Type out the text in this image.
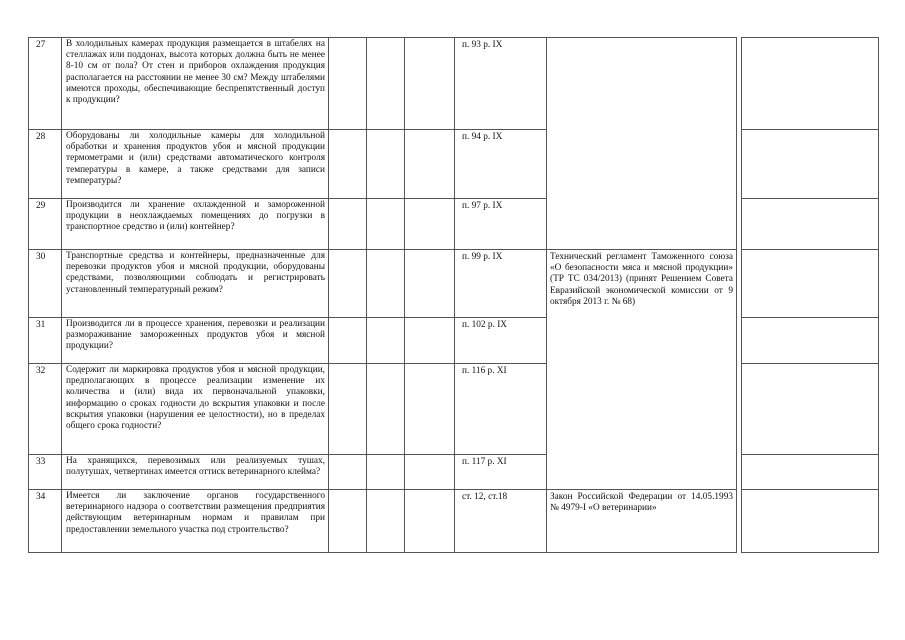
27	В холодильных камерах продукция размещается в штабелях на стеллажах или поддонах, высота которых должна быть не менее 8-10 см от пола? От стен и приборов охлаждения продукция располагается на расстоянии не менее 30 см? Между штабелями имеются проходы, обеспечивающие беспрепятственный доступ к продукции?				п. 93 р. IX			
28	Оборудованы ли холодильные камеры для холодильной обработки и хранения продуктов убоя и мясной продукции термометрами и (или) средствами автоматического контроля температуры в камере, а также средствами для записи температуры?				п. 94 р. IX			
29	Производится ли хранение охлажденной и замороженной продукции в неохлаждаемых помещениях до погрузки в транспортное средство и (или) контейнер?				п. 97 р. IX			
30	Транспортные средства и контейнеры, предназначенные для перевозки продуктов убоя и мясной продукции, оборудованы средствами, позволяющими соблюдать и регистрировать установленный температурный режим?				п. 99 р. IX	Технический регламент Таможенного союза «О безопасности мяса и мясной продукции» (ТР ТС 034/2013) (принят Решением Совета Евразийской экономической комиссии от 9 октября 2013 г. № 68)		
31	Производится ли в процессе хранения, перевозки и реализации размораживание замороженных продуктов убоя и мясной продукции?				п. 102 р. IX			
32	Содержит ли маркировка продуктов убоя и мясной продукции, предполагающих в процессе реализации изменение их количества и (или) вида их первоначальной упаковки, информацию о сроках годности до вскрытия упаковки и после вскрытия упаковки (нарушения ее целостности), но в пределах общего срока годности?				п. 116 р. XI			
33	На хранящихся, перевозимых или реализуемых тушах, полутушах, четвертинах имеется оттиск ветеринарного клейма?				п. 117 р. XI			
34	Имеется ли заключение органов государственного ветеринарного надзора о соответствии размещения предприятия действующим ветеринарным нормам и правилам при предоставлении земельного участка под строительство?				ст. 12, ст.18	Закон Российской Федерации от 14.05.1993 № 4979-I «О ветеринарии»		
